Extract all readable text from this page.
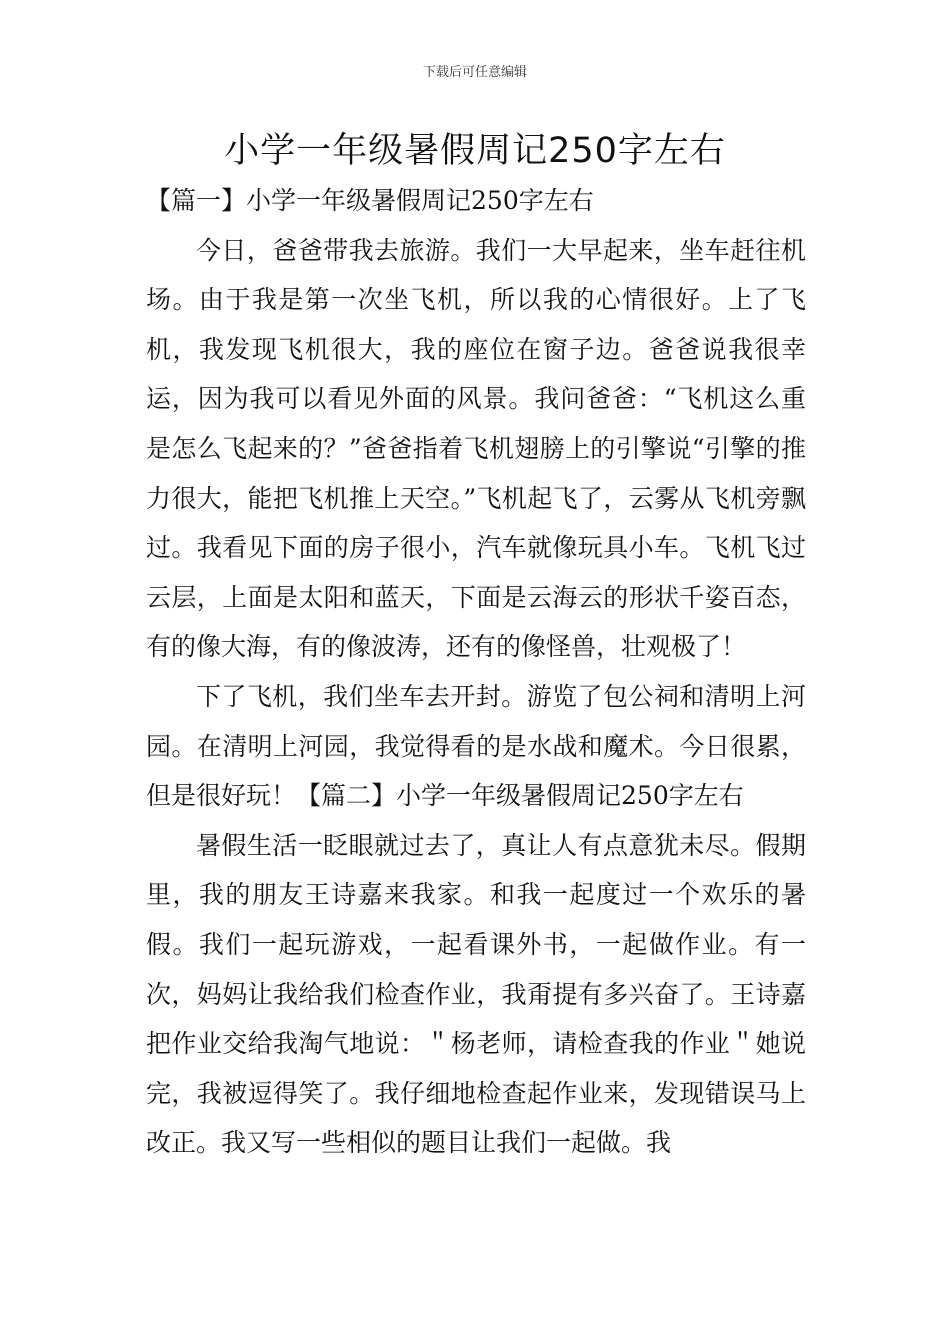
下载后可任意编辑
小学一年级暑假周记250字左右

【篇一】小学一年级暑假周记250字左右

今日，爸爸带我去旅游。我们一大早起来，坐车赶往机场。由于我是第一次坐飞机，所以我的心情很好。上了飞机，我发现飞机很大，我的座位在窗子边。爸爸说我很幸运，因为我可以看见外面的风景。我问爸爸：“飞机这么重是怎么飞起来的？”爸爸指着飞机翅膀上的引擎说“引擎的推力很大，能把飞机推上天空。”飞机起飞了，云雾从飞机旁飘过。我看见下面的房子很小，汽车就像玩具小车。飞机飞过云层，上面是太阳和蓝天，下面是云海云的形状千姿百态，有的像大海，有的像波涛，还有的像怪兽，壮观极了！

下了飞机，我们坐车去开封。游览了包公祠和清明上河园。在清明上河园，我觉得看的是水战和魔术。今日很累，但是很好玩！【篇二】小学一年级暑假周记250字左右

暑假生活一眨眼就过去了，真让人有点意犹未尽。假期里，我的朋友王诗嘉来我家。和我一起度过一个欢乐的暑假。我们一起玩游戏，一起看课外书，一起做作业。有一次，妈妈让我给我们检查作业，我甭提有多兴奋了。王诗嘉把作业交给我淘气地说：＂杨老师，请检查我的作业＂她说完，我被逗得笑了。我仔细地检查起作业来，发现错误马上改正。我又写一些相似的题目让我们一起做。我
